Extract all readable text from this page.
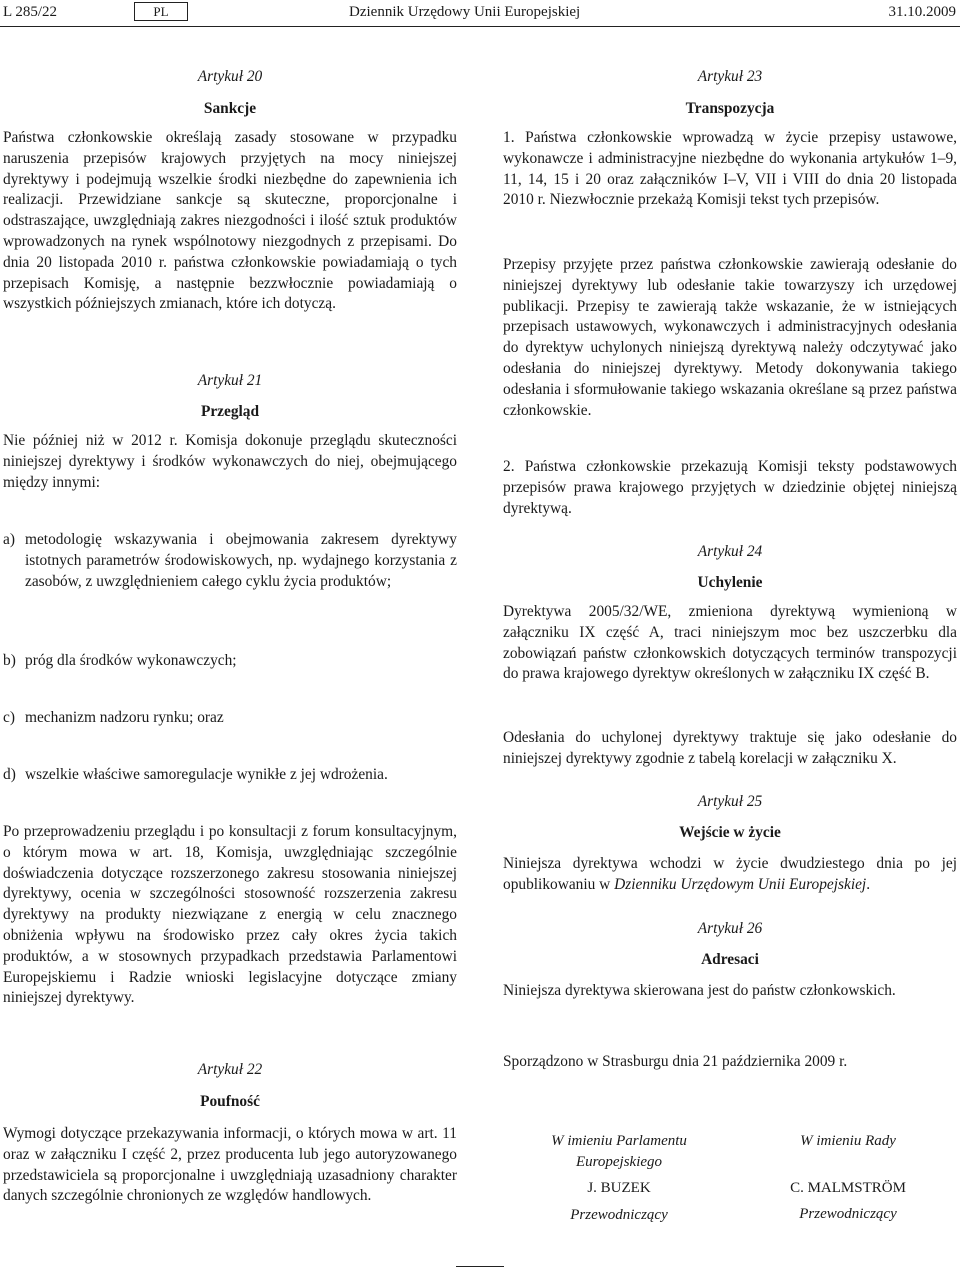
L 285/22	PL	Dziennik Urzędowy Unii Europejskiej	31.10.2009
Artykuł 20
Sankcje

Państwa członkowskie określają zasady stosowane w przypadku naruszenia przepisów krajowych przyjętych na mocy niniejszej dyrektywy i podejmują wszelkie środki niezbędne do zapewnienia ich realizacji. Przewidziane sankcje są skuteczne, proporcjonalne i odstraszające, uwzględniają zakres niezgodności i ilość sztuk produktów wprowadzonych na rynek wspólnotowy niezgodnych z przepisami. Do dnia 20 listopada 2010 r. państwa członkowskie powiadamiają o tych przepisach Komisję, a następnie bezzwłocznie powiadamiają o wszystkich późniejszych zmianach, które ich dotyczą.

Artykuł 21
Przegląd

Nie później niż w 2012 r. Komisja dokonuje przeglądu skuteczności niniejszej dyrektywy i środków wykonawczych do niej, obejmującego między innymi:

a) metodologię wskazywania i obejmowania zakresem dyrektywy istotnych parametrów środowiskowych, np. wydajnego korzystania z zasobów, z uwzględnieniem całego cyklu życia produktów;
b) próg dla środków wykonawczych;
c) mechanizm nadzoru rynku; oraz
d) wszelkie właściwe samoregulacje wynikłe z jej wdrożenia.

Po przeprowadzeniu przeglądu i po konsultacji z forum konsultacyjnym, o którym mowa w art. 18, Komisja, uwzględniając szczególnie doświadczenia dotyczące rozszerzonego zakresu stosowania niniejszej dyrektywy, ocenia w szczególności stosowność rozszerzenia zakresu dyrektywy na produkty niezwiązane z energią w celu znacznego obniżenia wpływu na środowisko przez cały okres życia takich produktów, a w stosownych przypadkach przedstawia Parlamentowi Europejskiemu i Radzie wnioski legislacyjne dotyczące zmiany niniejszej dyrektywy.

Artykuł 22
Poufność

Wymogi dotyczące przekazywania informacji, o których mowa w art. 11 oraz w załączniku I część 2, przez producenta lub jego autoryzowanego przedstawiciela są proporcjonalne i uwzględniają uzasadniony charakter danych szczególnie chronionych ze względów handlowych.

Artykuł 23
Transpozycja

1. Państwa członkowskie wprowadzą w życie przepisy ustawowe, wykonawcze i administracyjne niezbędne do wykonania artykułów 1–9, 11, 14, 15 i 20 oraz załączników I–V, VII i VIII do dnia 20 listopada 2010 r. Niezwłocznie przekażą Komisji tekst tych przepisów.

Przepisy przyjęte przez państwa członkowskie zawierają odesłanie do niniejszej dyrektywy lub odesłanie takie towarzyszy ich urzędowej publikacji. Przepisy te zawierają także wskazanie, że w istniejących przepisach ustawowych, wykonawczych i administracyjnych odesłania do dyrektyw uchylonych niniejszą dyrektywą należy odczytywać jako odesłania do niniejszej dyrektywy. Metody dokonywania takiego odesłania i sformułowanie takiego wskazania określane są przez państwa członkowskie.

2. Państwa członkowskie przekazują Komisji teksty podstawowych przepisów prawa krajowego przyjętych w dziedzinie objętej niniejszą dyrektywą.

Artykuł 24
Uchylenie

Dyrektywa 2005/32/WE, zmieniona dyrektywą wymienioną w załączniku IX część A, traci niniejszym moc bez uszczerbku dla zobowiązań państw członkowskich dotyczących terminów transpozycji do prawa krajowego dyrektyw określonych w załączniku IX część B.

Odesłania do uchylonej dyrektywy traktuje się jako odesłanie do niniejszej dyrektywy zgodnie z tabelą korelacji w załączniku X.

Artykuł 25
Wejście w życie

Niniejsza dyrektywa wchodzi w życie dwudziestego dnia po jej opublikowaniu w Dzienniku Urzędowym Unii Europejskiej.

Artykuł 26
Adresaci

Niniejsza dyrektywa skierowana jest do państw członkowskich.

Sporządzono w Strasburgu dnia 21 października 2009 r.

W imieniu Parlamentu Europejskiego
J. BUZEK
Przewodniczący
W imieniu Rady
C. MALMSTRÖM
Przewodniczący
